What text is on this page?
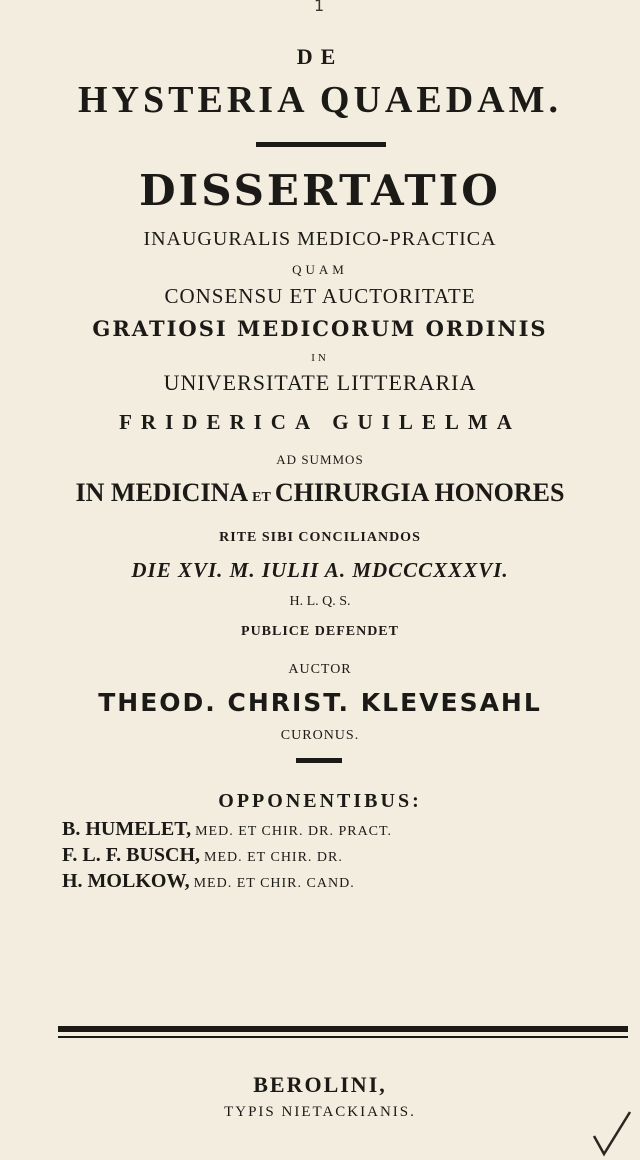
1
DE
HYSTERIA QUAEDAM.
DISSERTATIO
INAUGURALIS MEDICO-PRACTICA
QUAM
CONSENSU ET AUCTORITATE
GRATIOSI MEDICORUM ORDINIS
IN
UNIVERSITATE LITTERARIA
FRIDERICA GUILELMA
AD SUMMOS
IN MEDICINA ET CHIRURGIA HONORES
RITE SIBI CONCILIANDOS
DIE XVI. M. IULII A. MDCCCXXXVI.
H. L. Q. S.
PUBLICE DEFENDET
AUCTOR
THEOD. CHRIST. KLEVESAHL
CURONUS.
OPPONENTIBUS:
B. HUMELET, MED. ET CHIR. DR. PRACT.
F. L. F. BUSCH, MED. ET CHIR. DR.
H. MOLKOW, MED. ET CHIR. CAND.
BEROLINI,
TYPIS NIETACKIANIS.
